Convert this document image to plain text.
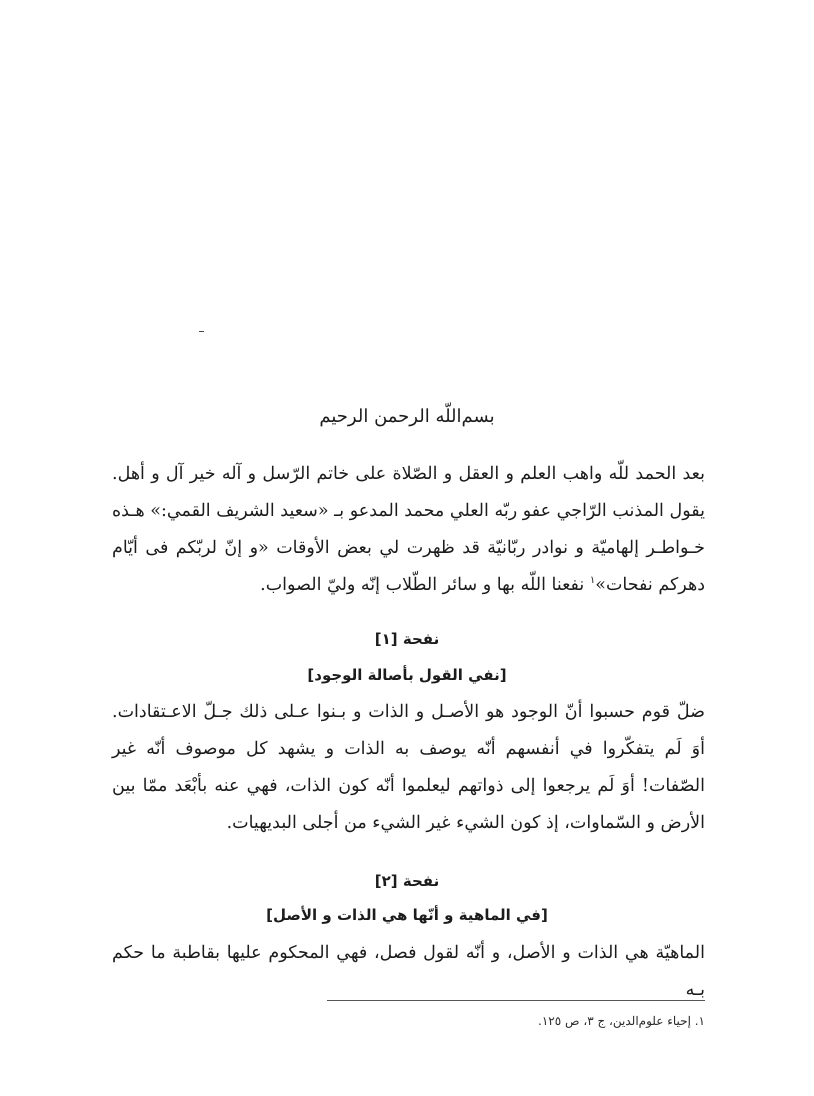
بسم‌اللّه الرحمن الرحيم

بعد الحمد للّه واهب العلم و العقل و الصّلاة على خاتم الرّسل و آله خير آل و أهل. يقول المذنب الرّاجي عفو ربّه العلي محمد المدعو بـ «سعيد الشريف القمي:» هـذه خـواطـر إلهاميّة و نوادر ربّانيّة قد ظهرت لي بعض الأوقات «و إنّ لربّكم فى أيّام دهركم نفحات»$^١$ نفعنا اللّه بها و سائر الطّلاب إنّه وليّ الصواب.

نفحة [١]
[نفي القول بأصالة الوجود]

ضلّ قوم حسبوا أنّ الوجود هو الأصـل و الذات و بـنوا عـلى ذلك جـلّ الاعـتقادات. أوَ لَم يتفكّروا في أنفسهم أنّه يوصف به الذات و يشهد كل موصوف أنّه غير الصّفات! أوَ لَم يرجعوا إلى ذواتهم ليعلموا أنّه كون الذات، فهي عنه بأبْعَد ممّا بين الأرض و السّماوات، إذ كون الشيء غير الشيء من أجلى البديهيات.

نفحة [٢]
[في الماهية و أنّها هي الذات و الأصل]

الماهيّة هي الذات و الأصل، و أنّه لقول فصل، فهي المحكوم عليها بقاطبة ما حكم بـه

١. إحياء علوم‌الدين، ج ٣، ص ١٢٥.
